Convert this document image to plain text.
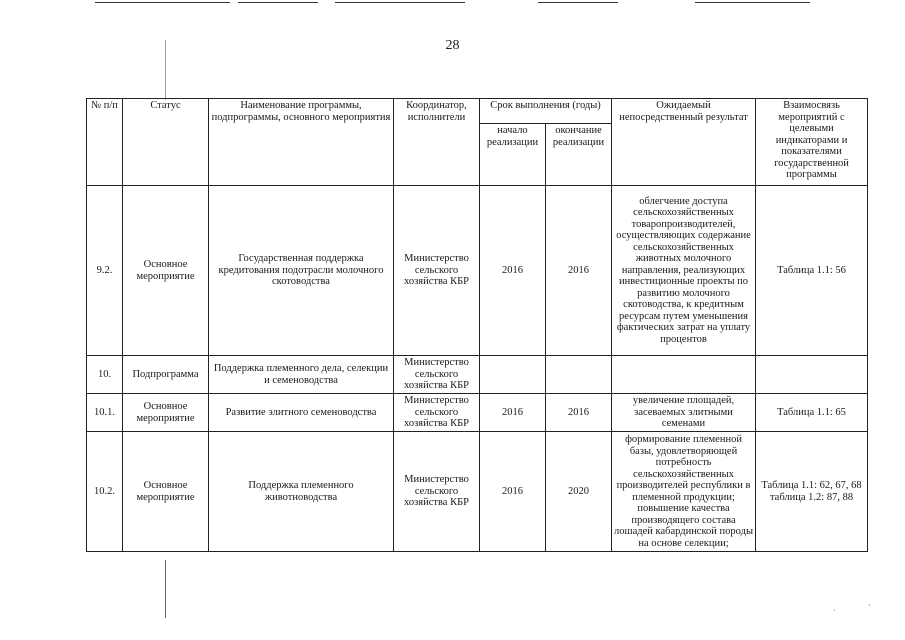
28
№ п/п	Статус	Наименование программы, подпрограммы, основного мероприятия	Координатор, исполнители	Срок выполнения (годы)		Ожидаемый непосредственный результат	Взаимосвязь мероприятий с целевыми индикаторами и показателями государственной программы
				начало реализации	окончание реализации		
9.2.	Основное мероприятие	Государственная поддержка кредитования подотрасли молочного скотоводства	Министерство сельского хозяйства КБР	2016	2016	облегчение доступа сельскохозяйственных товаропроизводителей, осуществляющих содержание сельскохозяйственных животных молочного направления, реализующих инвестиционные проекты по развитию молочного скотоводства, к кредитным ресурсам путем уменьшения фактических затрат на уплату процентов	Таблица 1.1: 56
10.	Подпрограмма	Поддержка племенного дела, селекции и семеноводства	Министерство сельского хозяйства КБР				
10.1.	Основное мероприятие	Развитие элитного семеноводства	Министерство сельского хозяйства КБР	2016	2016	увеличение площадей, засеваемых элитными семенами	Таблица 1.1: 65
10.2.	Основное мероприятие	Поддержка племенного животноводства	Министерство сельского хозяйства КБР	2016	2020	формирование племенной базы, удовлетворяющей потребность сельскохозяйственных производителей республики в племенной продукции; повышение качества производящего состава лошадей кабардинской породы на основе селекции;	Таблица 1.1: 62, 67, 68 таблица 1.2: 87, 88
·
·
